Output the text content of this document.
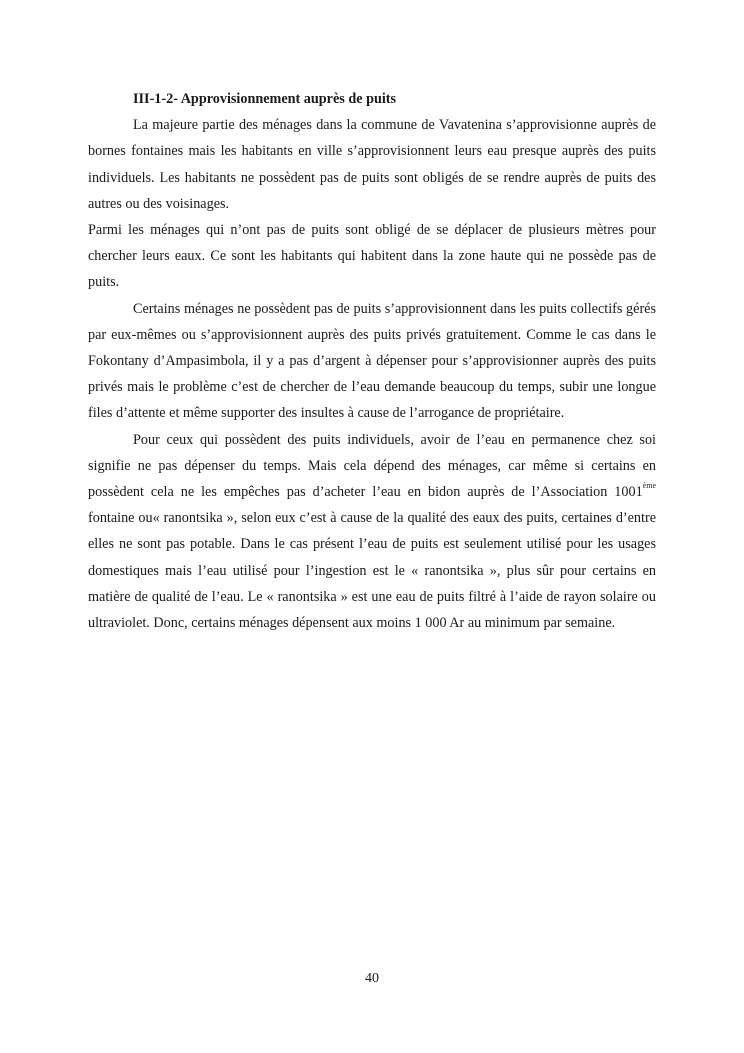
III-1-2- Approvisionnement auprès de puits

La majeure partie des ménages dans la commune de Vavatenina s’approvisionne auprès de bornes fontaines mais les habitants en ville s’approvisionnent leurs eau presque auprès des puits individuels. Les habitants ne possèdent pas de puits sont obligés de se rendre auprès de puits des autres ou des voisinages.

Parmi les ménages qui n’ont pas de puits sont obligé de se déplacer de plusieurs mètres pour chercher leurs eaux. Ce sont les habitants qui habitent dans la zone haute qui ne possède pas de puits.

Certains ménages ne possèdent pas de puits s’approvisionnent dans les puits collectifs gérés par eux-mêmes ou s’approvisionnent auprès des puits privés gratuitement. Comme le cas dans le Fokontany d’Ampasimbola, il y a pas d’argent à dépenser pour s’approvisionner auprès des puits privés mais le problème c’est de chercher de l’eau demande beaucoup du temps, subir une longue files d’attente et même supporter des insultes à cause de l’arrogance de propriétaire.

Pour ceux qui possèdent des puits individuels, avoir de l’eau en permanence chez soi signifie ne pas dépenser du temps. Mais cela dépend des ménages, car même si certains en possèdent cela ne les empêches pas d’acheter l’eau en bidon auprès de l’Association 1001ème fontaine ou« ranontsika », selon eux c’est à cause de la qualité des eaux des puits, certaines d’entre elles ne sont pas potable. Dans le cas présent l’eau de puits est seulement utilisé pour les usages domestiques mais l’eau utilisé pour l’ingestion est le « ranontsika », plus sûr pour certains en matière de qualité de l’eau. Le « ranontsika » est une eau de puits filtré à l’aide de rayon solaire ou ultraviolet. Donc, certains ménages dépensent aux moins 1 000 Ar au minimum par semaine.

40
